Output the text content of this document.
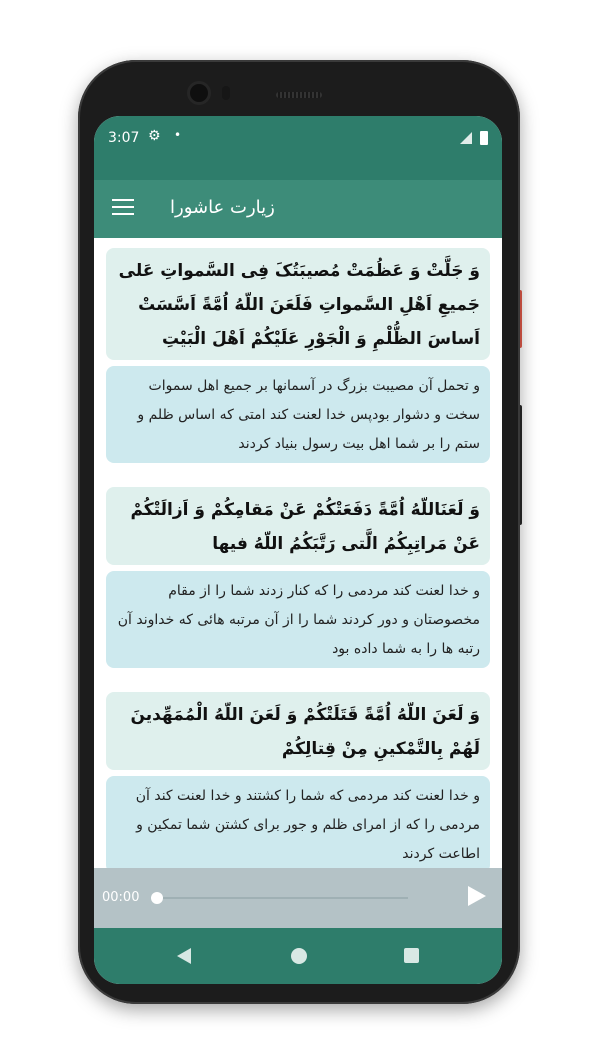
3:07 ⚙ •
زیارت عاشورا
وَ جَلَّتْ وَ عَظُمَتْ مُصيبَتُکَ فِی السَّمواتِ عَلی جَميعِ اَهْلِ السَّمواتِ فَلَعَنَ اللّهُ اُمَّةً اَسَّسَتْ اَساسَ الظُّلْمِ وَ الْجَوْرِ عَلَيْكُمْ اَهْلَ الْبَيْتِ
و تحمل آن مصیبت بزرگ در آسمانها بر جمیع اهل سموات سخت و دشوار بودپس خدا لعنت کند امتی که اساس ظلم و ستم را بر شما اهل بیت رسول بنیاد کردند
وَ لَعَنَاللّهُ اُمَّةً دَفَعَتْكُمْ عَنْ مَقامِكُمْ وَ اَزالَتْكُمْ عَنْ مَراتِبِكُمُ الَّتی رَتَّبَكُمُ اللّهُ فيها
و خدا لعنت کند مردمی را که کنار زدند شما را از مقام مخصوصتان و دور کردند شما را از آن مرتبه هائی که خداوند آن رتبه ها را به شما داده بود
وَ لَعَنَ اللّهُ اُمَّةً قَتَلَتْكُمْ وَ لَعَنَ اللّهُ الْمُمَهِّدينَ لَهُمْ بِالتَّمْكينِ مِنْ قِتالِكُمْ
و خدا لعنت کند مردمی که شما را کشتند و خدا لعنت کند آن مردمی را که از امرای ظلم و جور برای کشتن شما تمکین و اطاعت کردند
00:00
